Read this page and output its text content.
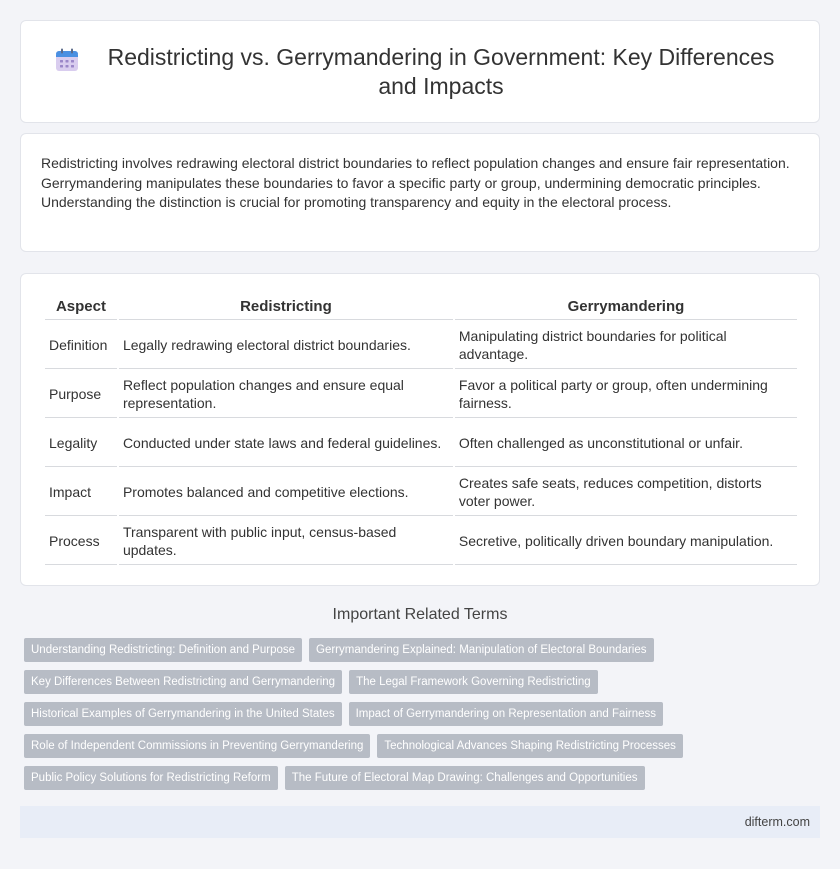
Redistricting vs. Gerrymandering in Government: Key Differences and Impacts

Redistricting involves redrawing electoral district boundaries to reflect population changes and ensure fair representation. Gerrymandering manipulates these boundaries to favor a specific party or group, undermining democratic principles. Understanding the distinction is crucial for promoting transparency and equity in the electoral process.

Aspect	Redistricting	Gerrymandering
Definition	Legally redrawing electoral district boundaries.	Manipulating district boundaries for political advantage.
Purpose	Reflect population changes and ensure equal representation.	Favor a political party or group, often undermining fairness.
Legality	Conducted under state laws and federal guidelines.	Often challenged as unconstitutional or unfair.
Impact	Promotes balanced and competitive elections.	Creates safe seats, reduces competition, distorts voter power.
Process	Transparent with public input, census-based updates.	Secretive, politically driven boundary manipulation.
Important Related Terms
Understanding Redistricting: Definition and Purpose	Gerrymandering Explained: Manipulation of Electoral Boundaries
Key Differences Between Redistricting and Gerrymandering	The Legal Framework Governing Redistricting
Historical Examples of Gerrymandering in the United States	Impact of Gerrymandering on Representation and Fairness
Role of Independent Commissions in Preventing Gerrymandering	Technological Advances Shaping Redistricting Processes
Public Policy Solutions for Redistricting Reform	The Future of Electoral Map Drawing: Challenges and Opportunities
difterm.com
